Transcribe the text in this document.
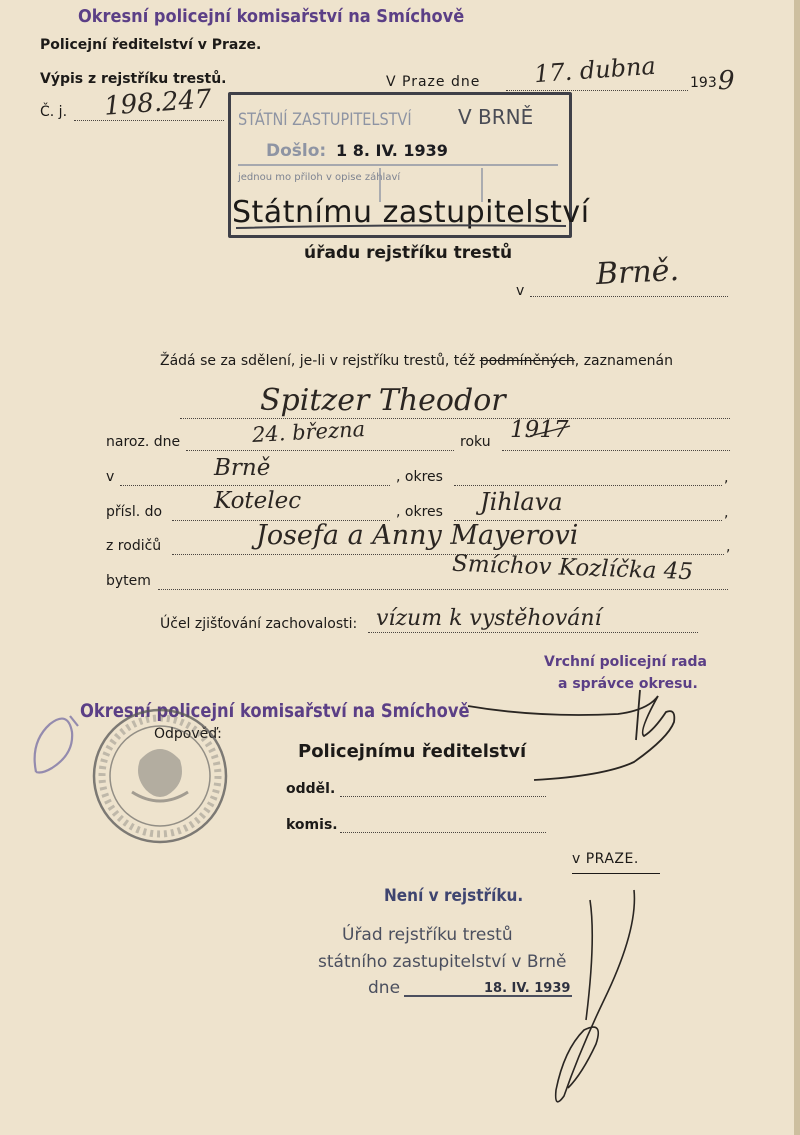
Okresní policejní komisařství na Smíchově
Policejní ředitelství v Praze.
Výpis z rejstříku trestů.	V Praze dne 17. dubna 193 9
Č. j. 198.247 STÁTNÍ ZASTUPITELSTVÍ V BRNĚ
Došlo: 1 8. IV. 1939
jednou mo přiloh v opise záhlaví
Státnímu zastupitelství
úřadu rejstříku trestů
v Brně.
Žádá se za sdělení, je-li v rejstříku trestů, též podmíněných, zaznamenán
Spitzer Theodor
naroz. dne	24. března	roku 1917
v	Brně	, okres	,
přísl. do Kotelec	, okres Jihlava	,
z rodičů	Josefa a Anny Mayerovi	,
bytem	Smíchov Kozlíčka 45
Účel zjišťování zachovalosti: vízum k vystěhování
Vrchní policejní rada
a správce okresu.
Okresní policejní komisařství na Smíchově
Odpověď:
Policejnímu ředitelství
odděl.
komis.
v PRAZE.
Není v rejstříku.
Úřad rejstříku trestů
státního zastupitelství v Brně
dne	18. IV. 1939
